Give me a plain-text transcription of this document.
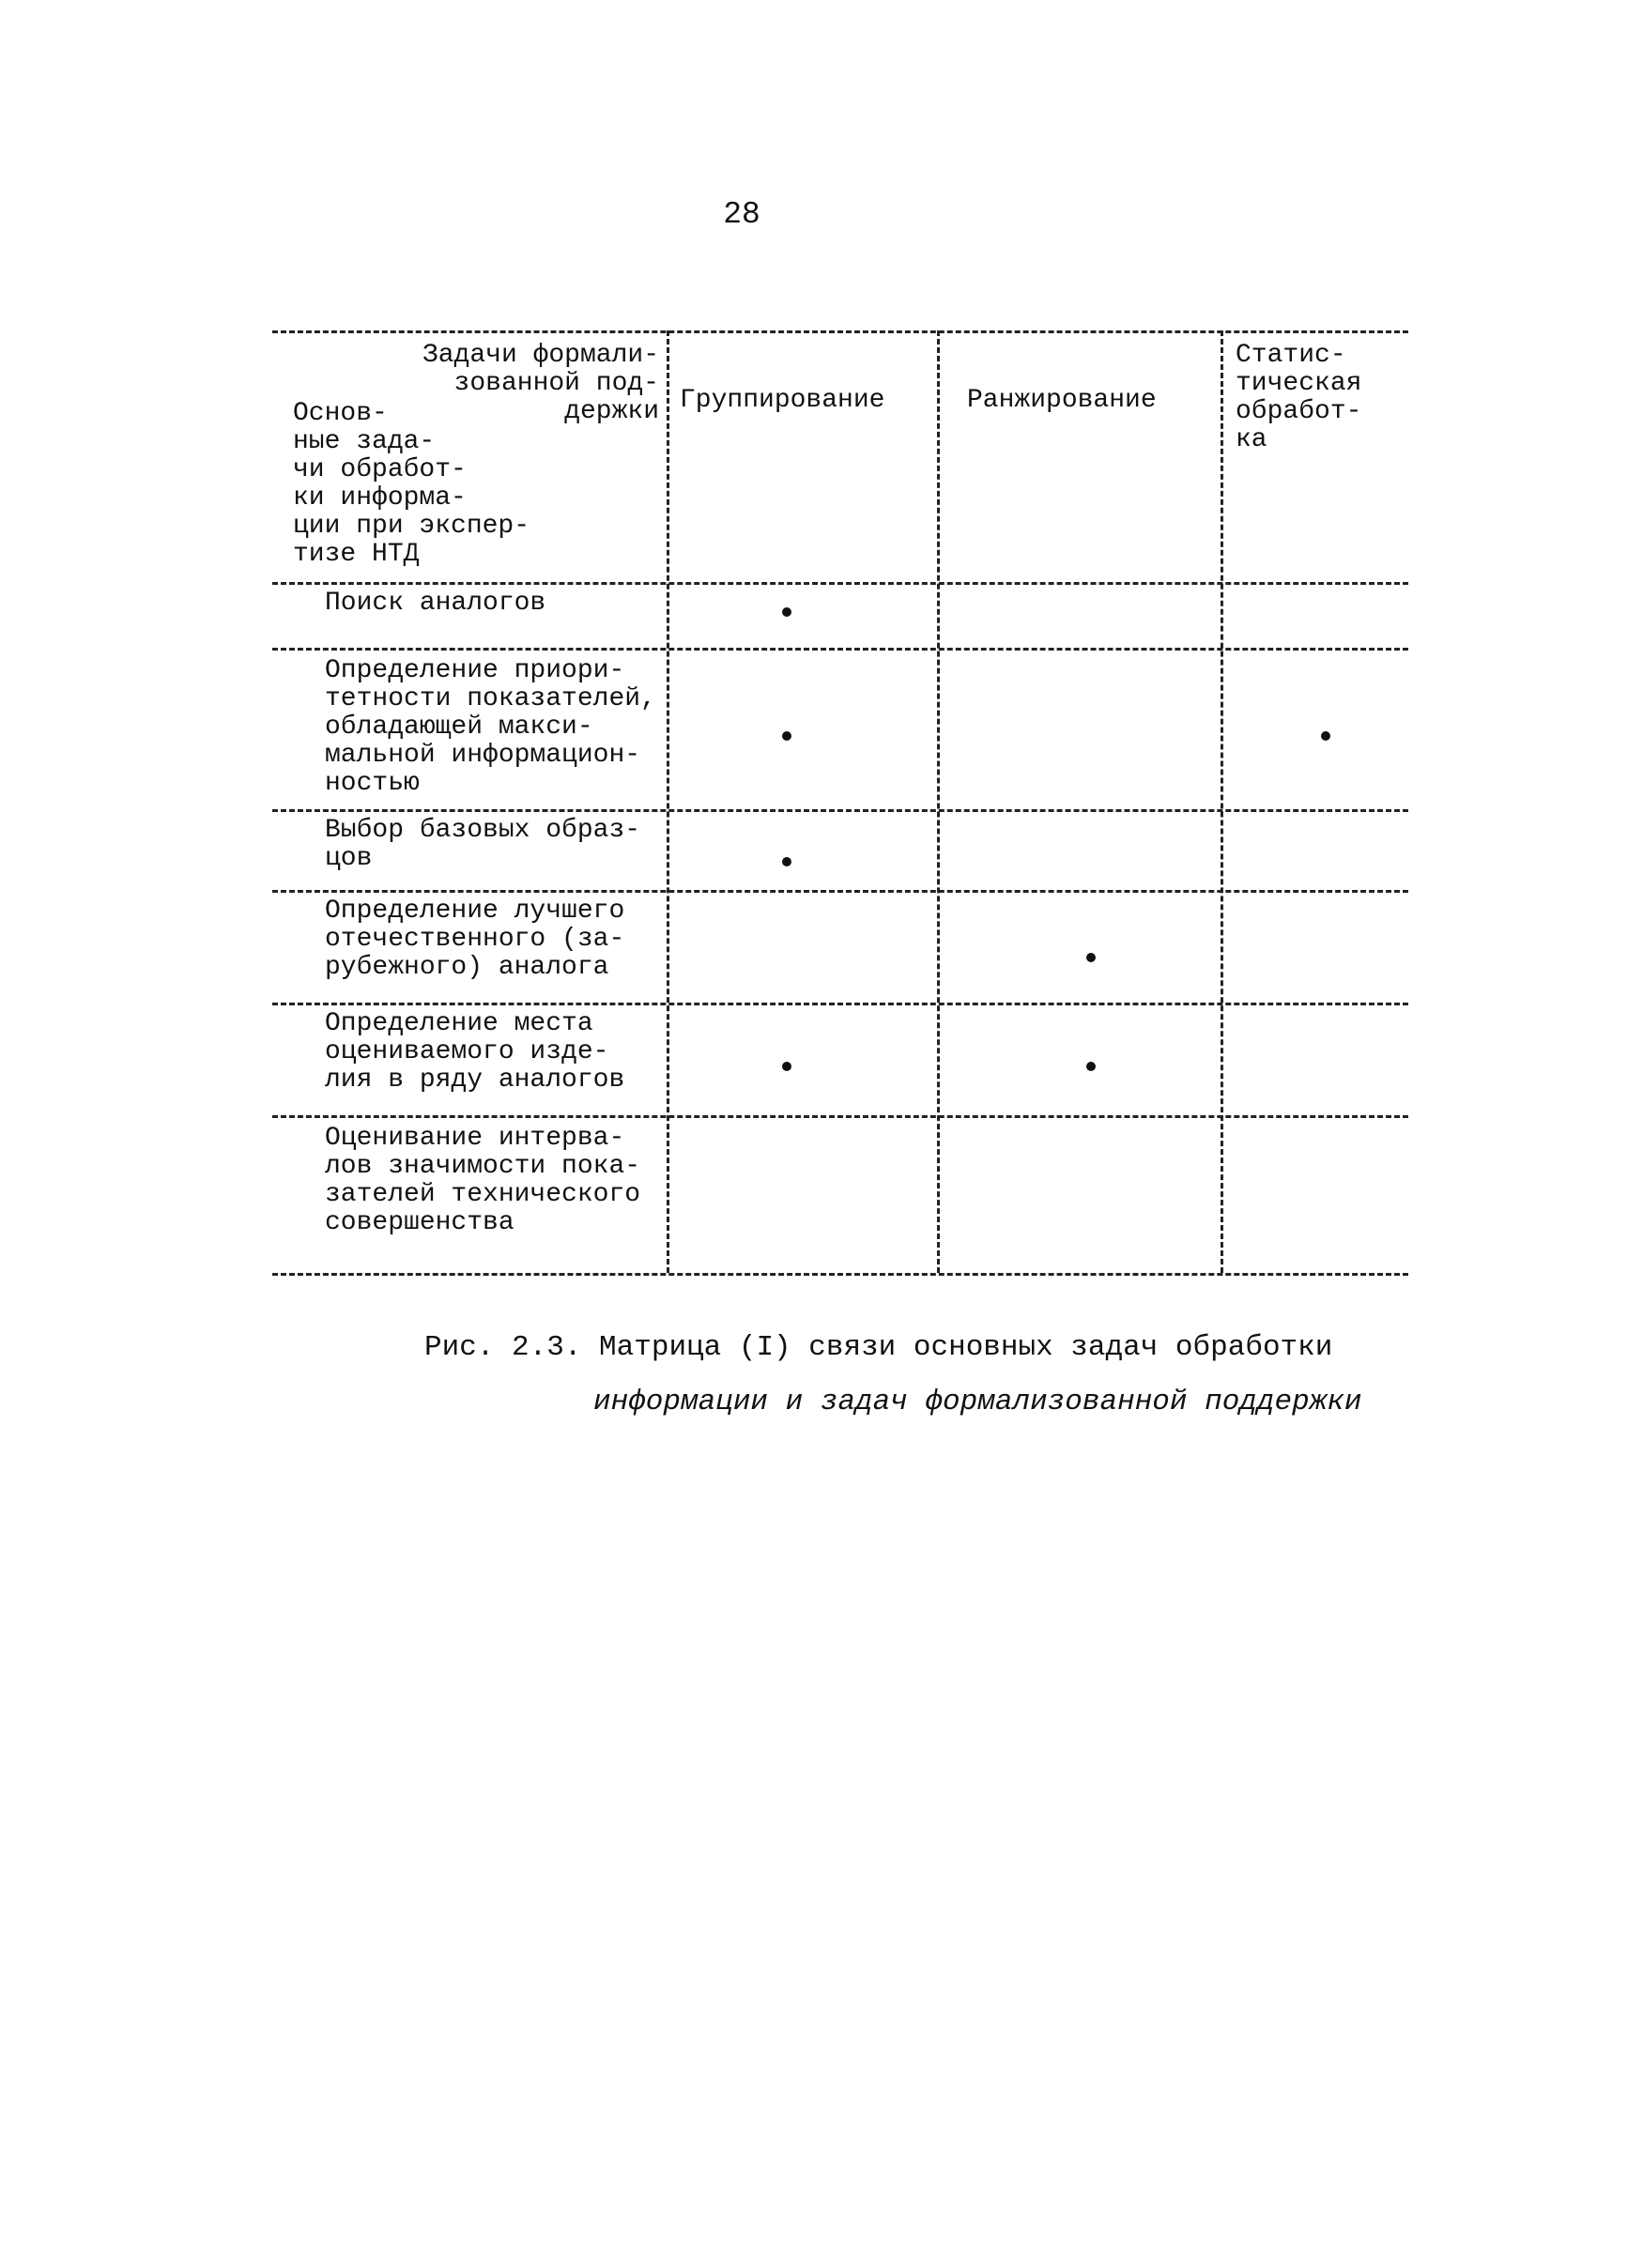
28
Задачи формали-
зованной под-
держки
Основ-
ные зада-
чи обработ-
ки информа-
ции при экспер-
тизе НТД
Группирование	Ранжирование
Статис-
тическая
обработ-
ка
Поиск аналогов
Определение приори-
тетности показателей,
обладающей макси-
мальной информацион-
ностью
Выбор базовых образ-
цов
Определение лучшего
отечественного (за-
рубежного) аналога
Определение места
оцениваемого изде-
лия в ряду аналогов
Оценивание интерва-
лов значимости пока-
зателей технического
совершенства
Рис. 2.3. Матрица (I) связи основных задач обработки
информации и задач формализованной поддержки
